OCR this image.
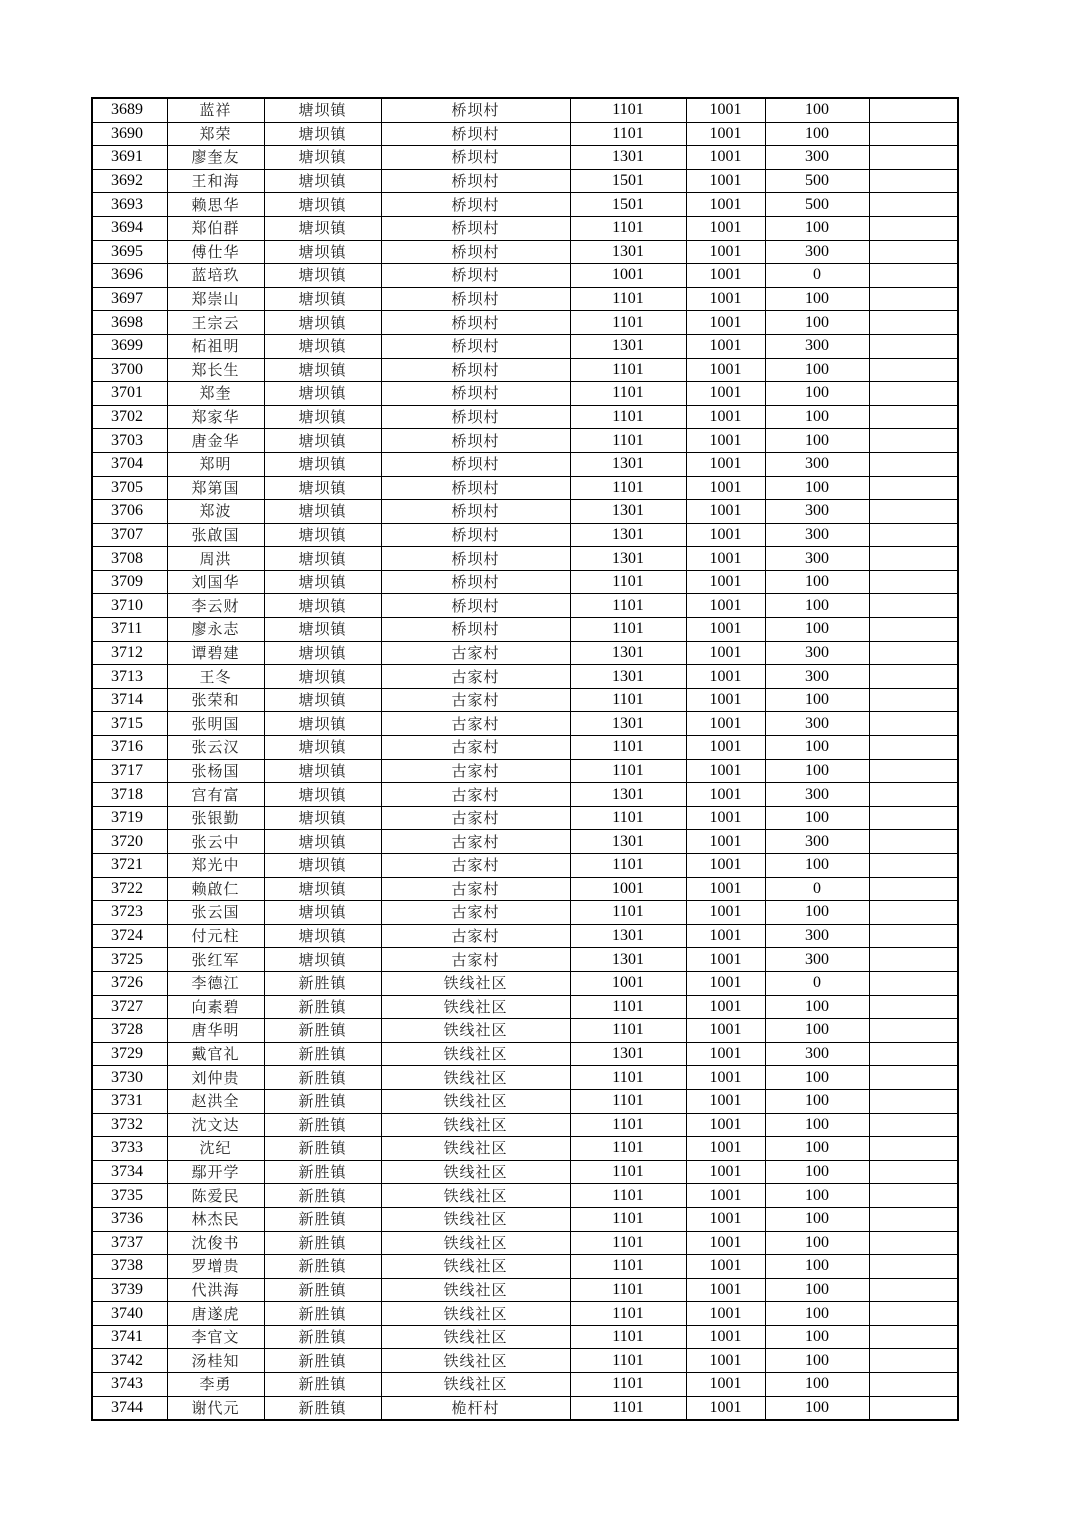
3689	蓝祥	塘坝镇	桥坝村	1101	1001	100	
3690	郑荣	塘坝镇	桥坝村	1101	1001	100	
3691	廖奎友	塘坝镇	桥坝村	1301	1001	300	
3692	王和海	塘坝镇	桥坝村	1501	1001	500	
3693	赖思华	塘坝镇	桥坝村	1501	1001	500	
3694	郑伯群	塘坝镇	桥坝村	1101	1001	100	
3695	傅仕华	塘坝镇	桥坝村	1301	1001	300	
3696	蓝培玖	塘坝镇	桥坝村	1001	1001	0	
3697	郑崇山	塘坝镇	桥坝村	1101	1001	100	
3698	王宗云	塘坝镇	桥坝村	1101	1001	100	
3699	柘祖明	塘坝镇	桥坝村	1301	1001	300	
3700	郑长生	塘坝镇	桥坝村	1101	1001	100	
3701	郑奎	塘坝镇	桥坝村	1101	1001	100	
3702	郑家华	塘坝镇	桥坝村	1101	1001	100	
3703	唐金华	塘坝镇	桥坝村	1101	1001	100	
3704	郑明	塘坝镇	桥坝村	1301	1001	300	
3705	郑第国	塘坝镇	桥坝村	1101	1001	100	
3706	郑波	塘坝镇	桥坝村	1301	1001	300	
3707	张啟国	塘坝镇	桥坝村	1301	1001	300	
3708	周洪	塘坝镇	桥坝村	1301	1001	300	
3709	刘国华	塘坝镇	桥坝村	1101	1001	100	
3710	李云财	塘坝镇	桥坝村	1101	1001	100	
3711	廖永志	塘坝镇	桥坝村	1101	1001	100	
3712	谭碧建	塘坝镇	古家村	1301	1001	300	
3713	王冬	塘坝镇	古家村	1301	1001	300	
3714	张荣和	塘坝镇	古家村	1101	1001	100	
3715	张明国	塘坝镇	古家村	1301	1001	300	
3716	张云汉	塘坝镇	古家村	1101	1001	100	
3717	张杨国	塘坝镇	古家村	1101	1001	100	
3718	宫有富	塘坝镇	古家村	1301	1001	300	
3719	张银勤	塘坝镇	古家村	1101	1001	100	
3720	张云中	塘坝镇	古家村	1301	1001	300	
3721	郑光中	塘坝镇	古家村	1101	1001	100	
3722	赖啟仁	塘坝镇	古家村	1001	1001	0	
3723	张云国	塘坝镇	古家村	1101	1001	100	
3724	付元柱	塘坝镇	古家村	1301	1001	300	
3725	张红军	塘坝镇	古家村	1301	1001	300	
3726	李德江	新胜镇	铁线社区	1001	1001	0	
3727	向素碧	新胜镇	铁线社区	1101	1001	100	
3728	唐华明	新胜镇	铁线社区	1101	1001	100	
3729	戴官礼	新胜镇	铁线社区	1301	1001	300	
3730	刘仲贵	新胜镇	铁线社区	1101	1001	100	
3731	赵洪全	新胜镇	铁线社区	1101	1001	100	
3732	沈文达	新胜镇	铁线社区	1101	1001	100	
3733	沈纪	新胜镇	铁线社区	1101	1001	100	
3734	鄢开学	新胜镇	铁线社区	1101	1001	100	
3735	陈爱民	新胜镇	铁线社区	1101	1001	100	
3736	林杰民	新胜镇	铁线社区	1101	1001	100	
3737	沈俊书	新胜镇	铁线社区	1101	1001	100	
3738	罗增贵	新胜镇	铁线社区	1101	1001	100	
3739	代洪海	新胜镇	铁线社区	1101	1001	100	
3740	唐遂虎	新胜镇	铁线社区	1101	1001	100	
3741	李官文	新胜镇	铁线社区	1101	1001	100	
3742	汤桂知	新胜镇	铁线社区	1101	1001	100	
3743	李勇	新胜镇	铁线社区	1101	1001	100	
3744	谢代元	新胜镇	桅杆村	1101	1001	100	
